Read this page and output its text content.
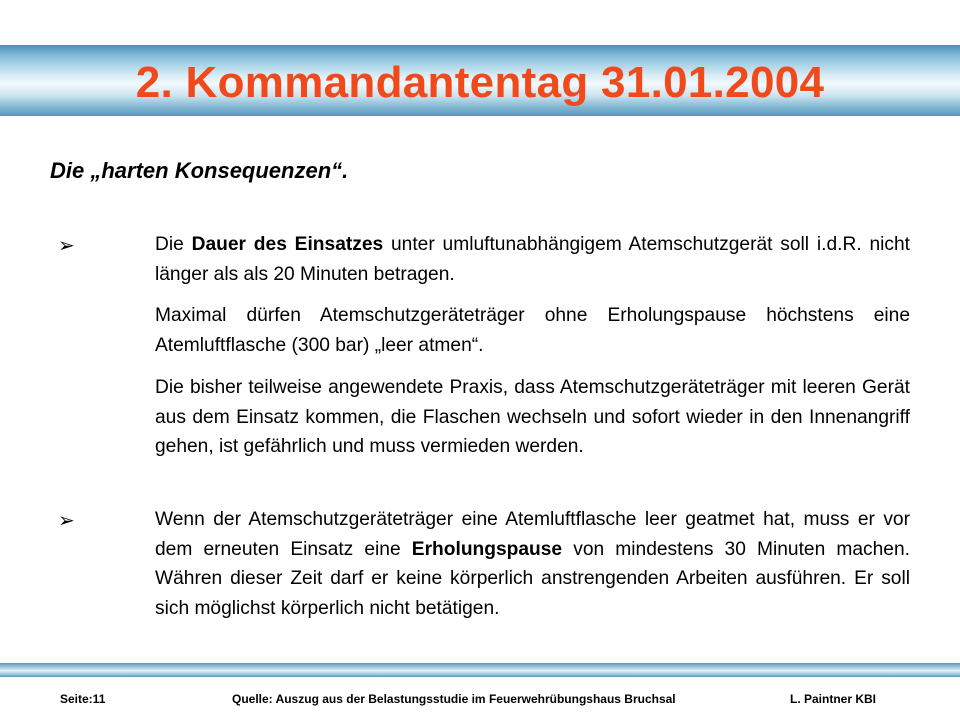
2. Kommandantentag 31.01.2004
Die „harten Konsequenzen“.
➢	Die Dauer des Einsatzes unter umluftunabhängigem Atemschutzgerät soll i.d.R. nicht länger als als 20 Minuten betragen.

Maximal dürfen Atemschutzgeräteträger ohne Erholungspause höchstens eine Atemluftflasche (300 bar) „leer atmen“.

Die bisher teilweise angewendete Praxis, dass Atemschutzgeräteträger mit leeren Gerät aus dem Einsatz kommen, die Flaschen wechseln und sofort wieder in den Innenangriff gehen, ist gefährlich und muss vermieden werden.

➢	Wenn der Atemschutzgeräteträger eine Atemluftflasche leer geatmet hat, muss er vor dem erneuten Einsatz eine Erholungspause von mindestens 30 Minuten machen. Währen dieser Zeit darf er keine körperlich anstrengenden Arbeiten ausführen. Er soll sich möglichst körperlich nicht betätigen.

Seite:11	Quelle: Auszug aus der Belastungsstudie im Feuerwehrübungshaus Bruchsal	L. Paintner KBI
